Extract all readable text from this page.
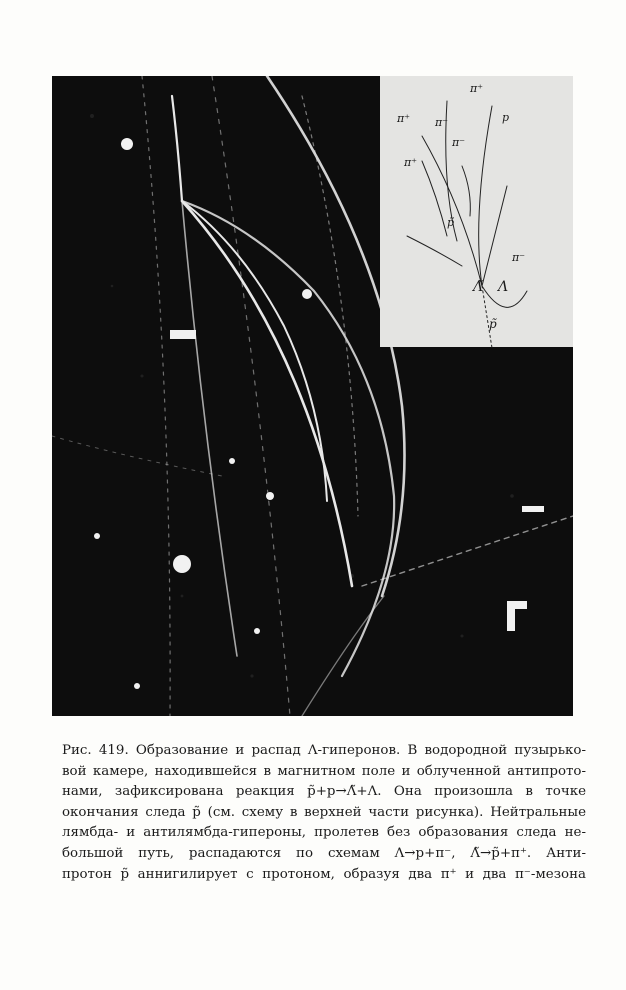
π⁺
π⁺ π⁻
π⁻
p
π⁺
p̃
π⁻
Λ̃ Λ
p̃
Рис. 419. Образование и распад Λ-гиперонов. В водородной пузырько-
вой камере, находившейся в магнитном поле и облученной антипрото-
нами, зафиксирована реакция p̃+p→Λ̃+Λ. Она произошла в точке
окончания следа p̃ (см. схему в верхней части рисунка). Нейтральные
лямбда- и антилямбда-гипероны, пролетев без образования следа не-
большой путь, распадаются по схемам Λ→p+π⁻, Λ̃→p̃+π⁺. Анти-
протон p̃ аннигилирует с протоном, образуя два π⁺ и два π⁻-мезона
